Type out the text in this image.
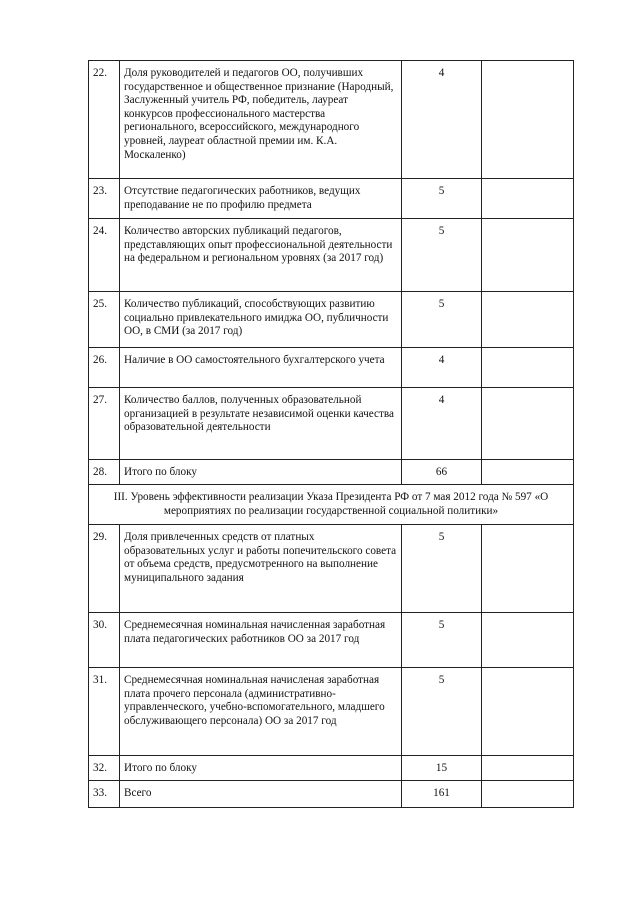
22.	Доля руководителей и педагогов ОО, получивших государственное и общественное признание (Народный, Заслуженный учитель РФ, победитель, лауреат конкурсов профессионального мастерства регионального, всероссийского, международного уровней, лауреат областной премии им. К.А. Москаленко)	4	
23.	Отсутствие педагогических работников, ведущих преподавание не по профилю предмета	5	
24.	Количество авторских публикаций педагогов, представляющих опыт профессиональной деятельности на федеральном и региональном уровнях (за 2017 год)	5	
25.	Количество публикаций, способствующих развитию социально привлекательного имиджа ОО, публичности ОО, в СМИ (за 2017 год)	5	
26.	Наличие в ОО самостоятельного бухгалтерского учета	4	
27.	Количество баллов, полученных образовательной организацией в результате независимой оценки качества образовательной деятельности	4	
28.	Итого по блоку	66	
III. Уровень эффективности реализации Указа Президента РФ от 7 мая 2012 года № 597 «О мероприятиях по реализации государственной социальной политики»			
29.	Доля привлеченных средств от платных образовательных услуг и работы попечительского совета от объема средств, предусмотренного на выполнение муниципального задания	5	
30.	Среднемесячная номинальная начисленная заработная плата педагогических работников ОО за 2017 год	5	
31.	Среднемесячная номинальная начисленая заработная плата прочего персонала (административно-управленческого, учебно-вспомогательного, младшего обслуживающего персонала) ОО за 2017 год	5	
32.	Итого по блоку	15	
33.	Всего	161	
